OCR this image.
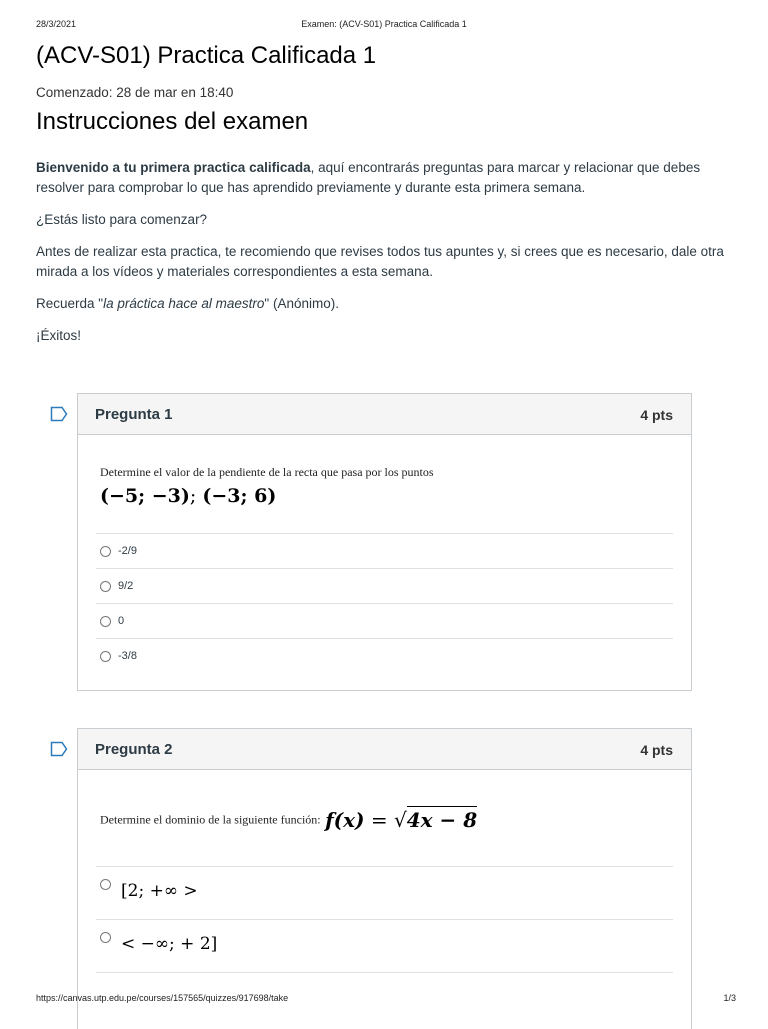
28/3/2021	Examen: (ACV-S01) Practica Calificada 1
(ACV-S01) Practica Calificada 1
Comenzado: 28 de mar en 18:40
Instrucciones del examen

Bienvenido a tu primera practica calificada, aquí encontrarás preguntas para marcar y relacionar que debes resolver para comprobar lo que has aprendido previamente y durante esta primera semana.

¿Estás listo para comenzar?

Antes de realizar esta practica, te recomiendo que revises todos tus apuntes y, si crees que es necesario, dale otra mirada a los vídeos y materiales correspondientes a esta semana.

Recuerda "la práctica hace al maestro" (Anónimo).

¡Éxitos!

Pregunta 1	4 pts
Determine el valor de la pendiente de la recta que pasa por los puntos
(−5; −3); (−3; 6)
-2/9
9/2
0
-3/8
Pregunta 2	4 pts
Determine el dominio de la siguiente función: f(x) = √4x − 8
[2; +∞ >
< −∞; + 2]
https://canvas.utp.edu.pe/courses/157565/quizzes/917698/take	1/3
